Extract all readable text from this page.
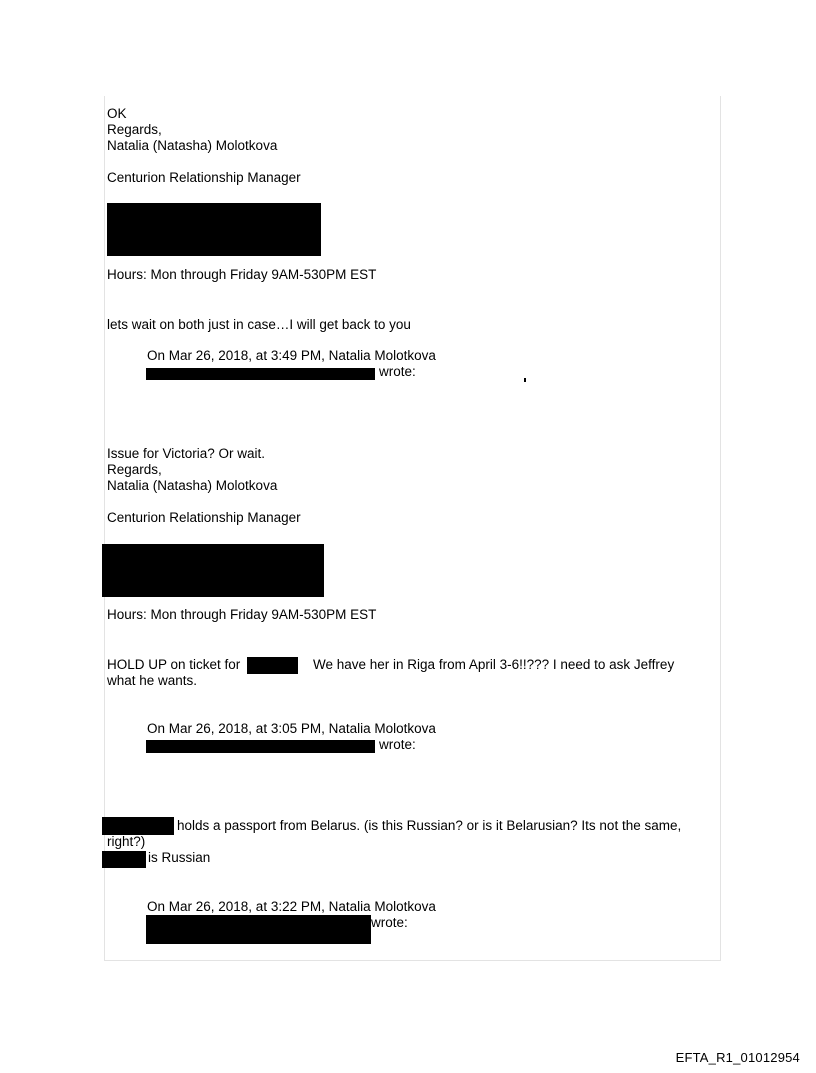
OK
Regards,
Natalia (Natasha) Molotkova
Centurion Relationship Manager
Hours: Mon through Friday 9AM-530PM EST
lets wait on both just in case…I will get back to you
On Mar 26, 2018, at 3:49 PM, Natalia Molotkova
wrote:
Issue for Victoria? Or wait.
Regards,
Natalia (Natasha) Molotkova
Centurion Relationship Manager
Hours: Mon through Friday 9AM-530PM EST
HOLD UP on ticket for	We have her in Riga from April 3-6!!??? I need to ask Jeffrey
what he wants.
On Mar 26, 2018, at 3:05 PM, Natalia Molotkova
wrote:
holds a passport from Belarus. (is this Russian? or is it Belarusian? Its not the same,
right?)
is Russian
On Mar 26, 2018, at 3:22 PM, Natalia Molotkova
wrote:
EFTA_R1_01012954
